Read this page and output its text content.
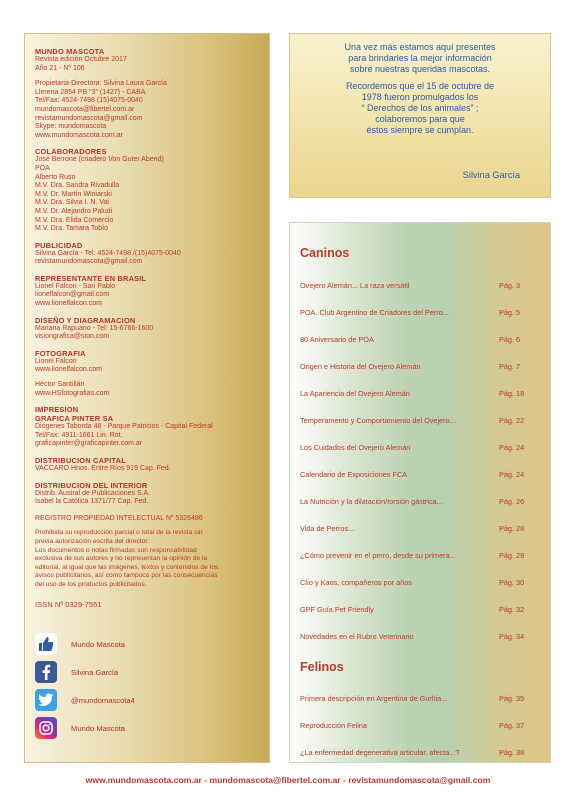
MUNDO MASCOTA
Revista edición Octubre 2017
Año 21 - Nº 106
Propietaria-Directora: Silvina Laura García
Llerena 2854 PB "3" (1427) - CABA
Tel/Fax: 4524-7498 (15)4075-0040
mundomascota@fibertel.com.ar
revistamundomascota@gmail.com
Skype: mundomascota
www.mundomascota.com.ar
COLABORADORES
José Berrone (criadero Von Guter Abend)
POA
Alberto Ruso
M.V. Dra. Sandra Rivadulla
M.V. Dr. Martín Winiarski
M.V. Dra. Silvia I. N. Vai
M.V. Dr. Alejandro Paludi
M.V. Dra. Elida Comercio
M.V. Dra. Tamara Tobío
PUBLICIDAD
Silvina García - Tel: 4524-7498 /(15)4075-0040
revistamundomascota@gmail.com
REPRESENTANTE EN BRASIL
Lionel Falcon - San Pablo
lionelfalcon@gmail.com
www.lionelfalcon.com
DISEÑO Y DIAGRAMACION
Mariana Rapuano - Tel: 15-6766-1600
visiongrafica@sion.com
FOTOGRAFIA
Lionel Falcon
www.lionelfalcon.com
Héctor Santillán
www.HSfotografias.com
IMPRESION
GRAFICA PINTER SA
Diógenes Taborda 48 - Parque Patricios - Capital Federal
Tel/Fax: 4911-1661 Lin. Rot.
graficapinter@graficapinter.com.ar
DISTRIBUCION CAPITAL
VACCARO Hnos. Entre Ríos 919 Cap. Fed.
DISTRIBUCION DEL INTERIOR
Distrib. Austral de Publicaciones S.A.
Isabel la Católica 1371/77 Cap. Fed.
REGISTRO PROPIEDAD INTELECTUAL Nº 5326486
Prohibida su reproducción parcial o total de la revista sin
previa autorización escrita del director.
Los documentos o notas firmadas son responsabilidad
exclusiva de sus autores y no representan la opinión de la
editorial, al igual que las imágenes, textos y contenidos de los
avisos publicitarios, así como tampoco por las consecuencias
del uso de los productos publicitados.
ISSN Nº 0329-7551
Mundo Mascota
Silvina García
@mundomascota4
Mundo Mascota

Una vez más estamos aquí presentes
para brindarles la mejor información
sobre nuestras queridas mascotas.

Recordemos que el 15 de octubre de
1978 fueron promulgados los
“ Derechos de los animales” ;
colaboremos para que
éstos siempre se cumplan.

Silvina García
Caninos
Ovejero Alemán... La raza versátil	Pág. 3
POA. Club Argentino de Criadores del Perro...	Pág. 5
80 Aniversario de POA	Pág. 6
Origen e Historia del Ovejero Alemán	Pág. 7
La Apariencia del Ovejero Alemán	Pág. 18
Temperamento y Comportamiento del Ovejero...	Pág. 22
Los Cuidados del Ovejero Alemán	Pág. 24
Calendario de Exposiciones FCA	Pág. 24
La Nutrición y la dilatación/torsión gástrica...	Pág. 26
Vida de Perros...	Pág. 28
¿Cómo prevenir en el perro, desde su primera...	Pág. 29
Clío y Kaos, compañeros por años	Pág. 30
GPF Guía Pet Friendly	Pág. 32
Novedades en el Rubro Veterinario	Pág. 34
Felinos
Primera descripción en Argentina de Gurltia...	Pág. 35
Reproducción Felina	Pág. 37
¿La enfermedad degenerativa articular, afecta...?	Pág. 38
www.mundomascota.com.ar - mundomascota@fibertel.com.ar - revistamundomascota@gmail.com
